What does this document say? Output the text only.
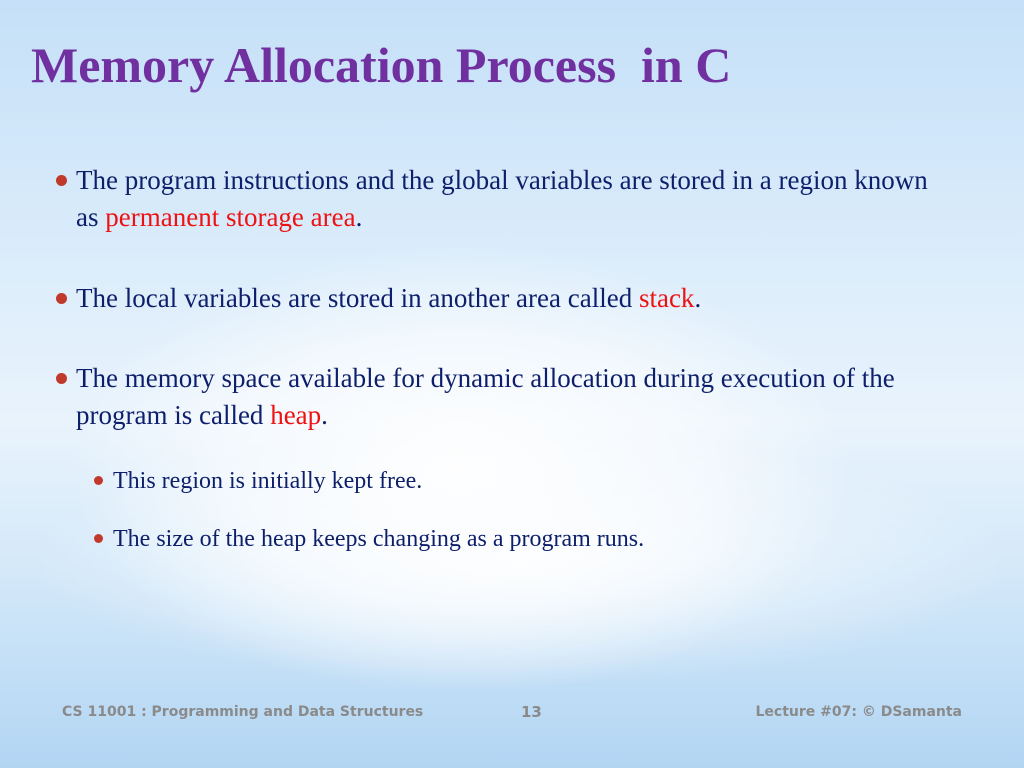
Memory Allocation Process  in C
The program instructions and the global variables are stored in a region known as permanent storage area.
The local variables are stored in another area called stack.
The memory space available for dynamic allocation during execution of the program is called heap.
This region is initially kept free.
The size of the heap keeps changing as a program runs.
CS 11001 : Programming and Data Structures	13	Lecture #07: © DSamanta
